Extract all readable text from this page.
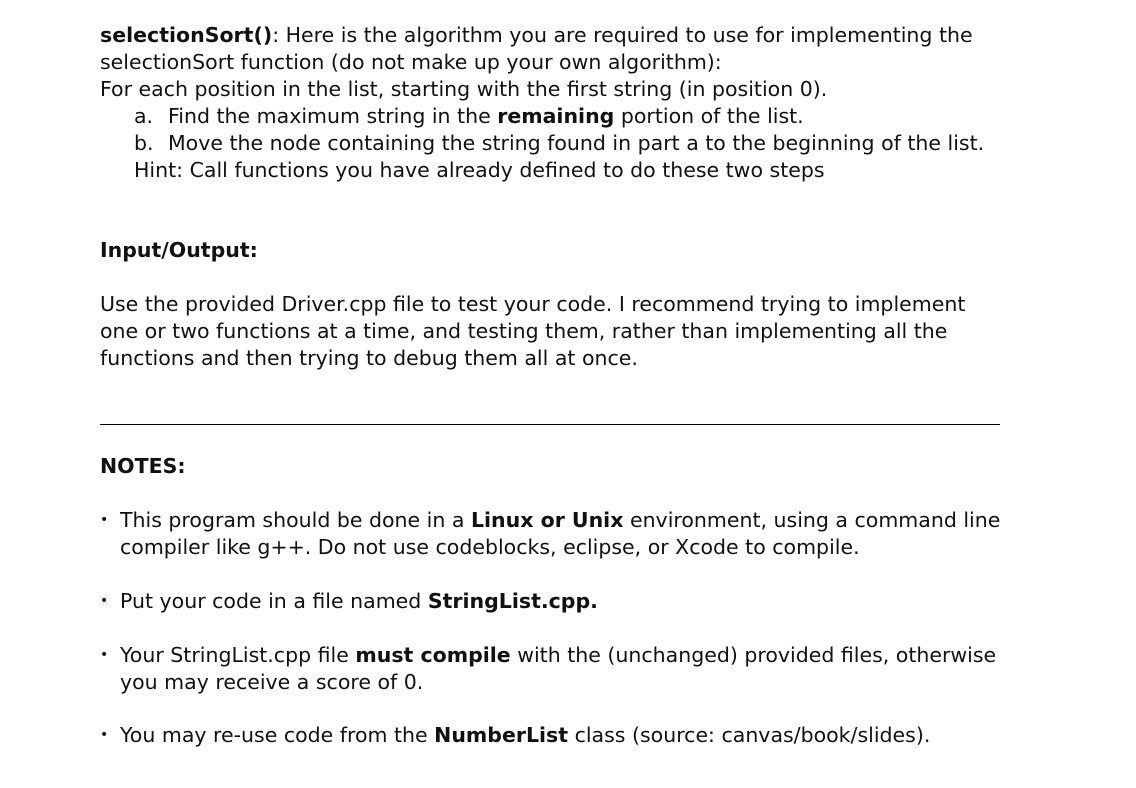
selectionSort(): Here is the algorithm you are required to use for implementing the
selectionSort function (do not make up your own algorithm):
For each position in the list, starting with the first string (in position 0).
a. Find the maximum string in the remaining portion of the list.
b. Move the node containing the string found in part a to the beginning of the list.
Hint: Call functions you have already defined to do these two steps
Input/Output:
Use the provided Driver.cpp file to test your code. I recommend trying to implement
one or two functions at a time, and testing them, rather than implementing all the
functions and then trying to debug them all at once.
NOTES:
• This program should be done in a Linux or Unix environment, using a command line
compiler like g++. Do not use codeblocks, eclipse, or Xcode to compile.
• Put your code in a file named StringList.cpp.
• Your StringList.cpp file must compile with the (unchanged) provided files, otherwise
you may receive a score of 0.
• You may re-use code from the NumberList class (source: canvas/book/slides).
